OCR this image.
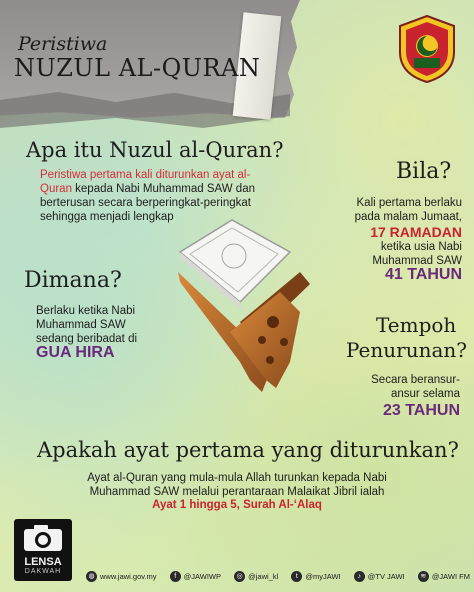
Peristiwa
NUZUL AL-QURAN
Apa itu Nuzul al-Quran?
Peristiwa pertama kali diturunkan ayat al-
Quran kepada Nabi Muhammad SAW dan
berterusan secara berperingkat-peringkat
sehingga menjadi lengkap
Bila?
Kali pertama berlaku
pada malam Jumaat,
17 RAMADAN
ketika usia Nabi
Muhammad SAW
41 TAHUN
Dimana?
Berlaku ketika Nabi
Muhammad SAW
sedang beribadat di
GUA HIRA
Tempoh
Penurunan?
Secara beransur-
ansur selama
23 TAHUN
Apakah ayat pertama yang diturunkan?
Ayat al-Quran yang mula-mula Allah turunkan kepada Nabi
Muhammad SAW melalui perantaraan Malaikat Jibril ialah
Ayat 1 hingga 5, Surah Al-‘Alaq
LENSA
DAKWAH
◍ www.jawi.gov.my	f	@JAWIWP	◎ @jawi_kl	t	@myJAWI	♪ @TV JAWI	≋ @JAWI FM
